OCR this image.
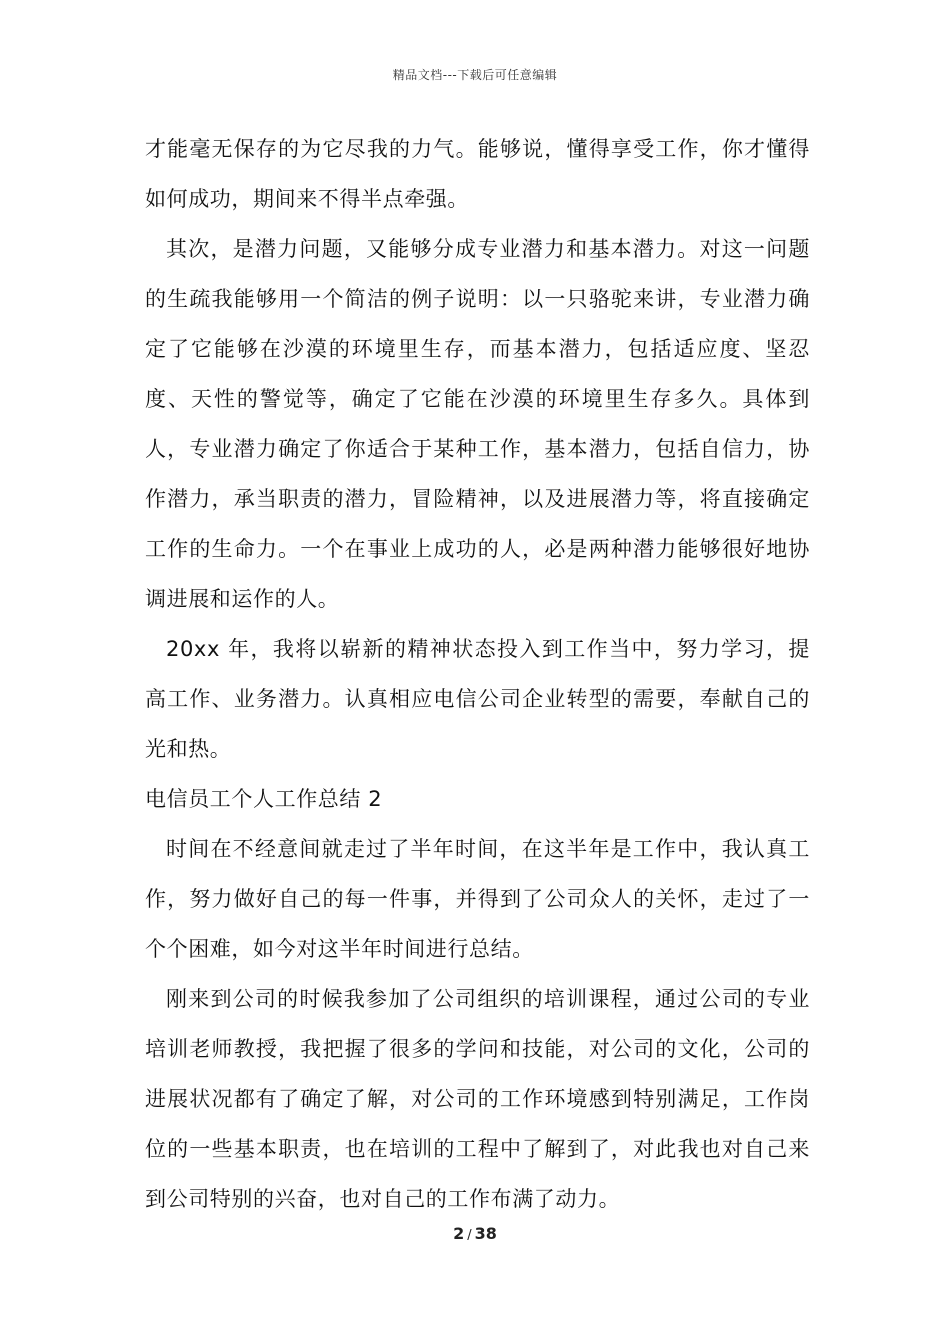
精品文档---下载后可任意编辑

才能毫无保存的为它尽我的力气。能够说，懂得享受工作，你才懂得如何成功，期间来不得半点牵强。

其次，是潜力问题，又能够分成专业潜力和基本潜力。对这一问题的生疏我能够用一个简洁的例子说明：以一只骆驼来讲，专业潜力确定了它能够在沙漠的环境里生存，而基本潜力，包括适应度、坚忍度、天性的警觉等，确定了它能在沙漠的环境里生存多久。具体到人，专业潜力确定了你适合于某种工作，基本潜力，包括自信力，协作潜力，承当职责的潜力，冒险精神，以及进展潜力等，将直接确定工作的生命力。一个在事业上成功的人，必是两种潜力能够很好地协调进展和运作的人。

20xx 年，我将以崭新的精神状态投入到工作当中，努力学习，提高工作、业务潜力。认真相应电信公司企业转型的需要，奉献自己的光和热。

电信员工个人工作总结 2

时间在不经意间就走过了半年时间，在这半年是工作中，我认真工作，努力做好自己的每一件事，并得到了公司众人的关怀，走过了一个个困难，如今对这半年时间进行总结。

刚来到公司的时候我参加了公司组织的培训课程，通过公司的专业培训老师教授，我把握了很多的学问和技能，对公司的文化，公司的进展状况都有了确定了解，对公司的工作环境感到特别满足，工作岗位的一些基本职责，也在培训的工程中了解到了，对此我也对自己来到公司特别的兴奋，也对自己的工作布满了动力。

2 / 38
